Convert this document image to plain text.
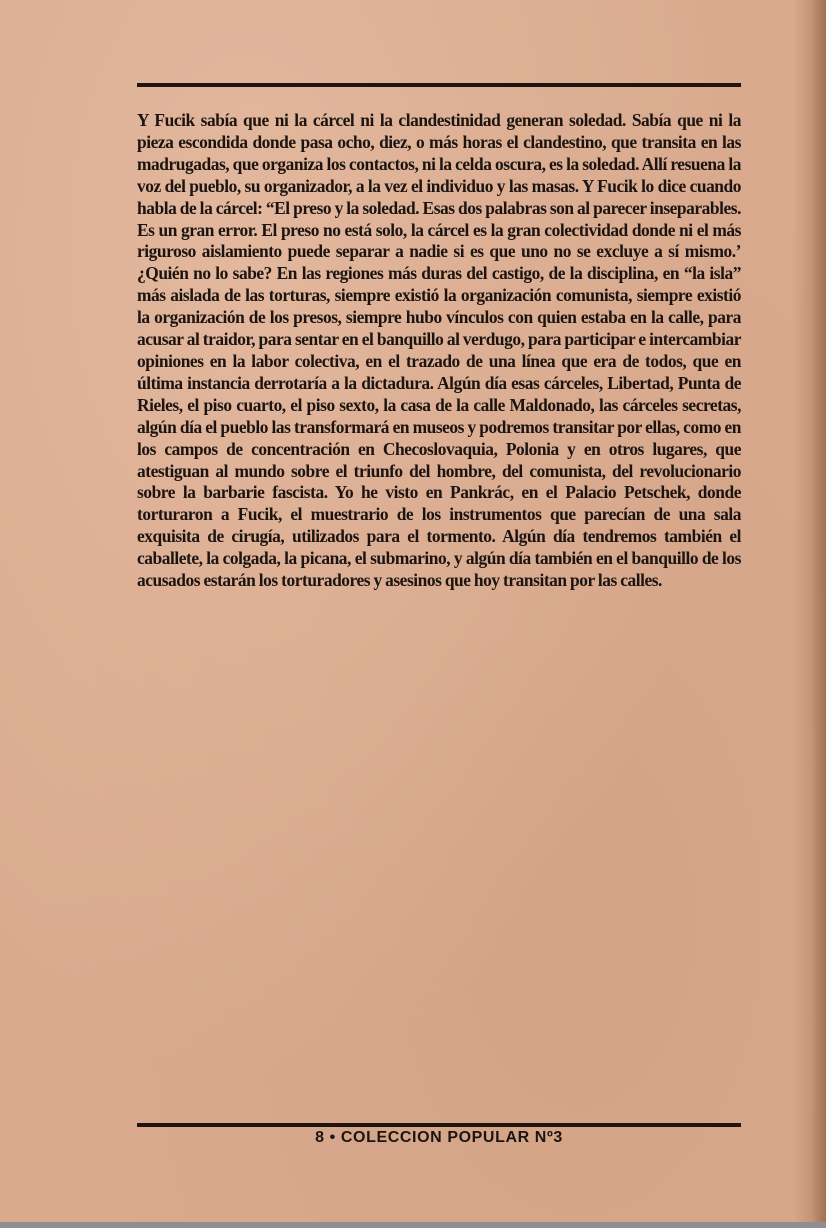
Y Fucik sabía que ni la cárcel ni la clandestinidad generan soledad. Sabía que ni la pieza escondida donde pasa ocho, diez, o más horas el clandestino, que transita en las madrugadas, que organiza los contactos, ni la celda oscura, es la soledad. Allí resuena la voz del pueblo, su organizador, a la vez el individuo y las masas. Y Fucik lo dice cuando habla de la cárcel: “El preso y la soledad. Esas dos palabras son al parecer inseparables. Es un gran error. El preso no está solo, la cárcel es la gran colectividad donde ni el más riguroso aislamiento puede separar a nadie si es que uno no se excluye a sí mismo.’ ¿Quién no lo sabe? En las regiones más duras del castigo, de la disciplina, en “la isla” más aislada de las torturas, siempre existió la organización comunista, siempre existió la organización de los presos, siempre hubo vínculos con quien estaba en la calle, para acusar al traidor, para sentar en el banquillo al verdugo, para participar e intercambiar opiniones en la labor colectiva, en el trazado de una línea que era de todos, que en última instancia derrotaría a la dictadura. Algún día esas cárceles, Libertad, Punta de Rieles, el piso cuarto, el piso sexto, la casa de la calle Maldonado, las cárceles secretas, algún día el pueblo las transformará en museos y podremos transitar por ellas, como en los campos de concentración en Checoslovaquia, Polonia y en otros lugares, que atestiguan al mundo sobre el triunfo del hombre, del comunista, del revolucionario sobre la barbarie fascista. Yo he visto en Pankrác, en el Palacio Petschek, donde torturaron a Fucik, el muestrario de los instrumentos que parecían de una sala exquisita de cirugía, utilizados para el tormento. Algún día tendremos también el caballete, la colgada, la picana, el submarino, y algún día también en el banquillo de los acusados estarán los torturadores y asesinos que hoy transitan por las calles.

8 • COLECCION POPULAR Nº3
